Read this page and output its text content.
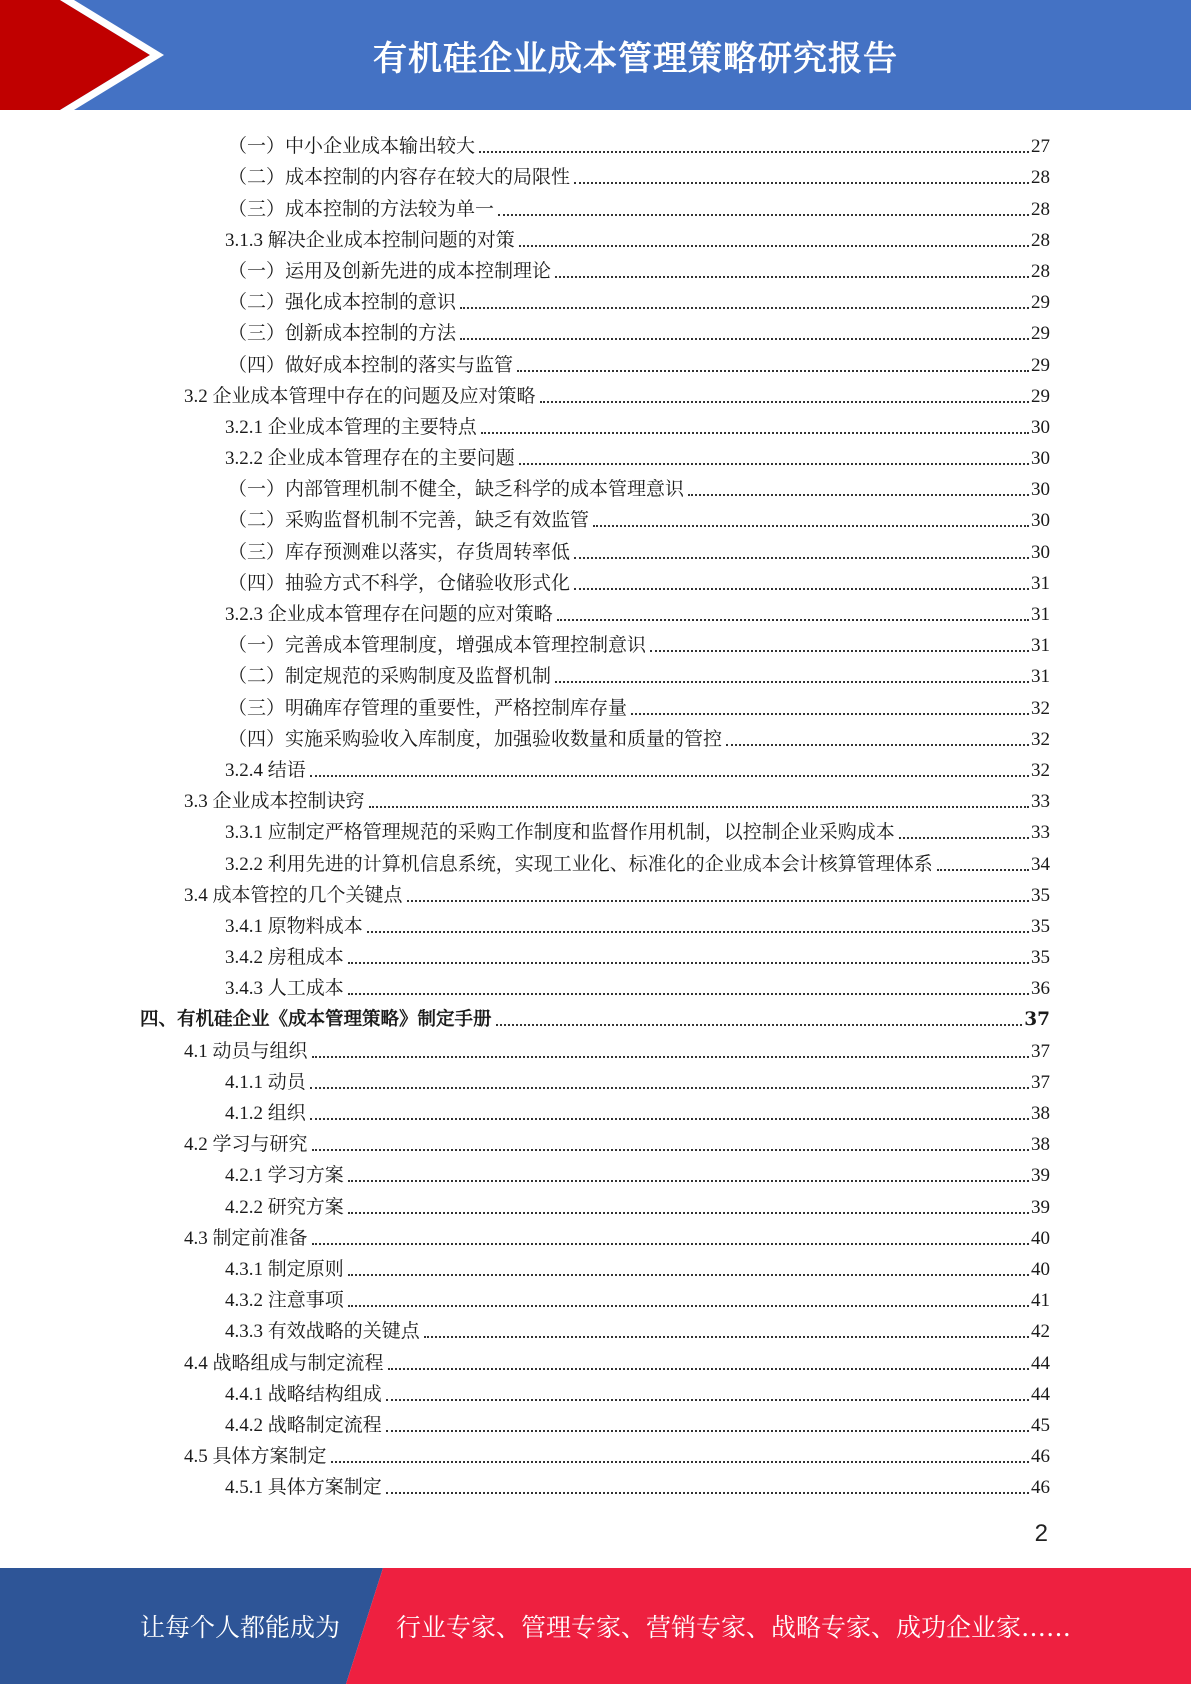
有机硅企业成本管理策略研究报告
（一）中小企业成本输出较大	27
（二）成本控制的内容存在较大的局限性	28
（三）成本控制的方法较为单一	28
3.1.3 解决企业成本控制问题的对策	28
（一）运用及创新先进的成本控制理论	28
（二）强化成本控制的意识	29
（三）创新成本控制的方法	29
（四）做好成本控制的落实与监管	29
3.2 企业成本管理中存在的问题及应对策略	29
3.2.1 企业成本管理的主要特点	30
3.2.2 企业成本管理存在的主要问题	30
（一）内部管理机制不健全，缺乏科学的成本管理意识	30
（二）采购监督机制不完善，缺乏有效监管	30
（三）库存预测难以落实，存货周转率低	30
（四）抽验方式不科学，仓储验收形式化	31
3.2.3 企业成本管理存在问题的应对策略	31
（一）完善成本管理制度，增强成本管理控制意识	31
（二）制定规范的采购制度及监督机制	31
（三）明确库存管理的重要性，严格控制库存量	32
（四）实施采购验收入库制度，加强验收数量和质量的管控	32
3.2.4 结语	32
3.3 企业成本控制诀窍	33
3.3.1 应制定严格管理规范的采购工作制度和监督作用机制，以控制企业采购成本	33
3.2.2 利用先进的计算机信息系统，实现工业化、标准化的企业成本会计核算管理体系	34
3.4 成本管控的几个关键点	35
3.4.1 原物料成本	35
3.4.2 房租成本	35
3.4.3 人工成本	36
四、有机硅企业《成本管理策略》制定手册	37
4.1 动员与组织	37
4.1.1 动员	37
4.1.2 组织	38
4.2 学习与研究	38
4.2.1 学习方案	39
4.2.2 研究方案	39
4.3 制定前准备	40
4.3.1 制定原则	40
4.3.2 注意事项	41
4.3.3 有效战略的关键点	42
4.4 战略组成与制定流程	44
4.4.1 战略结构组成	44
4.4.2 战略制定流程	45
4.5 具体方案制定	46
4.5.1 具体方案制定	46
2
让每个人都能成为 行业专家、管理专家、营销专家、战略专家、成功企业家……
